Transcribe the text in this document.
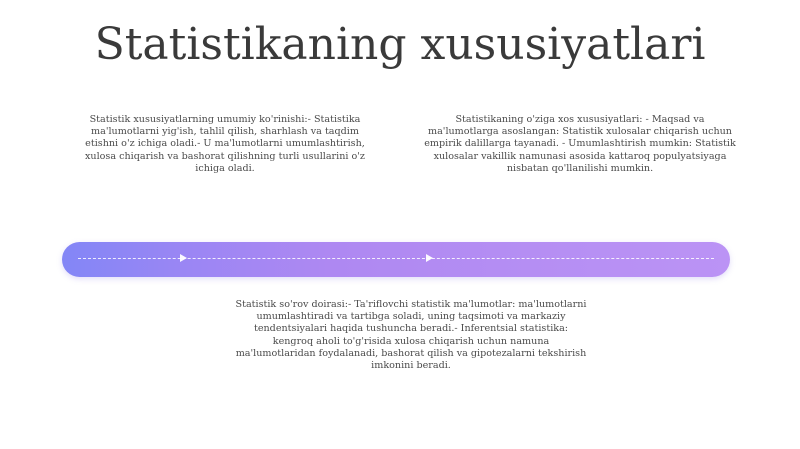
Statistikaning xususiyatlari
Statistik xususiyatlarning umumiy ko'rinishi:- Statistika ma'lumotlarni yig'ish, tahlil qilish, sharhlash va taqdim etishni o'z ichiga oladi.- U ma'lumotlarni umumlashtirish, xulosa chiqarish va bashorat qilishning turli usullarini o'z ichiga oladi.
Statistikaning o'ziga xos xususiyatlari: - Maqsad va ma'lumotlarga asoslangan: Statistik xulosalar chiqarish uchun empirik dalillarga tayanadi. - Umumlashtirish mumkin: Statistik xulosalar vakillik namunasi asosida kattaroq populyatsiyaga nisbatan qo'llanilishi mumkin.
Statistik so'rov doirasi:- Ta'riflovchi statistik ma'lumotlar: ma'lumotlarni umumlashtiradi va tartibga soladi, uning taqsimoti va markaziy tendentsiyalari haqida tushuncha beradi.- Inferentsial statistika: kengroq aholi to'g'risida xulosa chiqarish uchun namuna ma'lumotlaridan foydalanadi, bashorat qilish va gipotezalarni tekshirish imkonini beradi.
